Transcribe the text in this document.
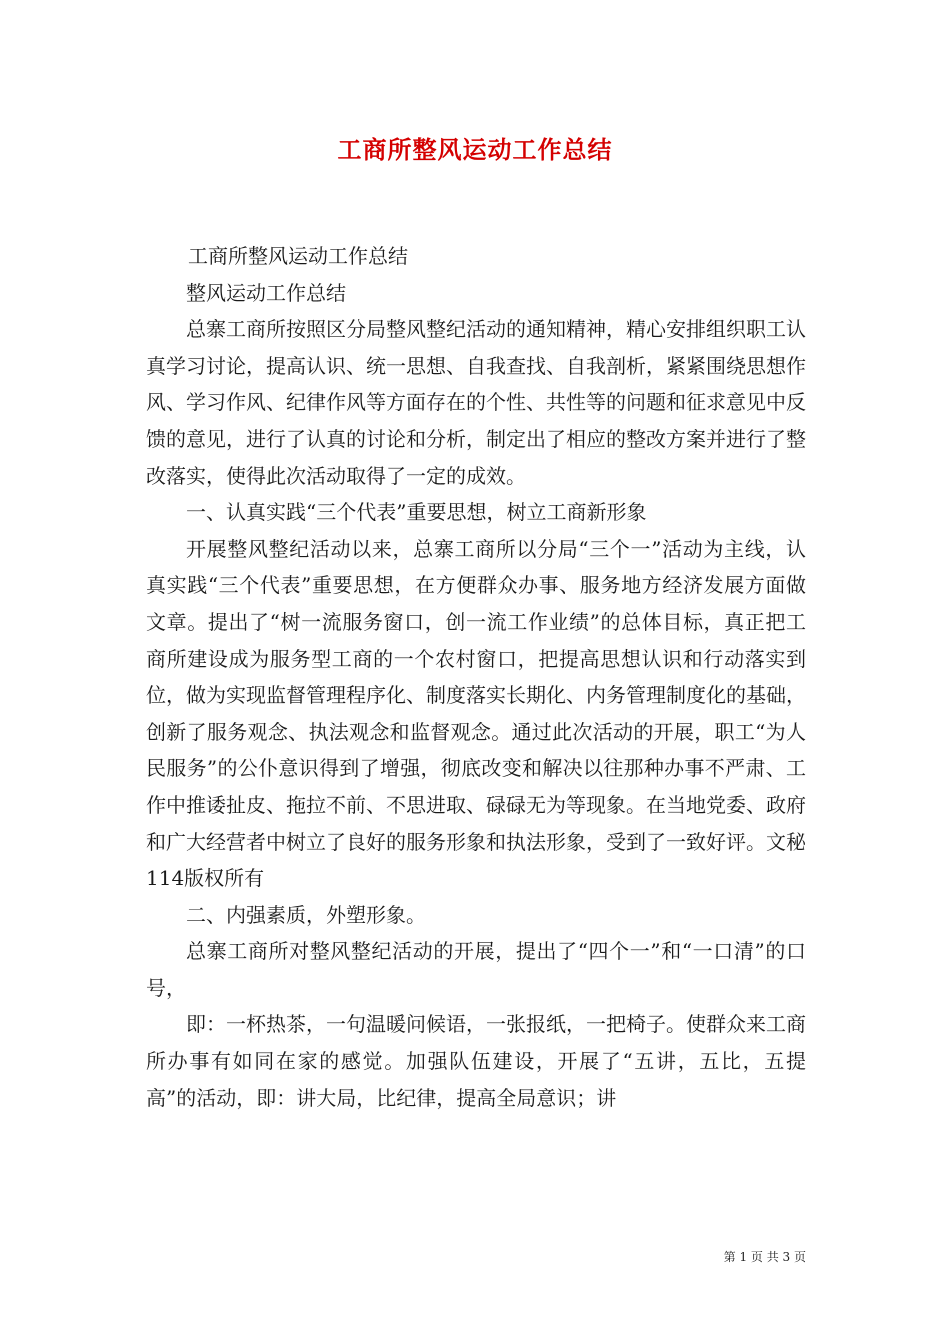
工商所整风运动工作总结

工商所整风运动工作总结

整风运动工作总结

总寨工商所按照区分局整风整纪活动的通知精神，精心安排组织职工认真学习讨论，提高认识、统一思想、自我查找、自我剖析，紧紧围绕思想作风、学习作风、纪律作风等方面存在的个性、共性等的问题和征求意见中反馈的意见，进行了认真的讨论和分析，制定出了相应的整改方案并进行了整改落实，使得此次活动取得了一定的成效。

一、认真实践“三个代表”重要思想，树立工商新形象

开展整风整纪活动以来，总寨工商所以分局“三个一”活动为主线，认真实践“三个代表”重要思想，在方便群众办事、服务地方经济发展方面做文章。提出了“树一流服务窗口，创一流工作业绩”的总体目标，真正把工商所建设成为服务型工商的一个农村窗口，把提高思想认识和行动落实到位，做为实现监督管理程序化、制度落实长期化、内务管理制度化的基础，创新了服务观念、执法观念和监督观念。通过此次活动的开展，职工“为人民服务”的公仆意识得到了增强，彻底改变和解决以往那种办事不严肃、工作中推诿扯皮、拖拉不前、不思进取、碌碌无为等现象。在当地党委、政府和广大经营者中树立了良好的服务形象和执法形象，受到了一致好评。文秘114版权所有

二、内强素质，外塑形象。

总寨工商所对整风整纪活动的开展，提出了“四个一”和“一口清”的口号，

即：一杯热茶，一句温暖问候语，一张报纸，一把椅子。使群众来工商所办事有如同在家的感觉。加强队伍建设，开展了“五讲，五比，五提高”的活动，即：讲大局，比纪律，提高全局意识；讲

第 1 页 共 3 页
